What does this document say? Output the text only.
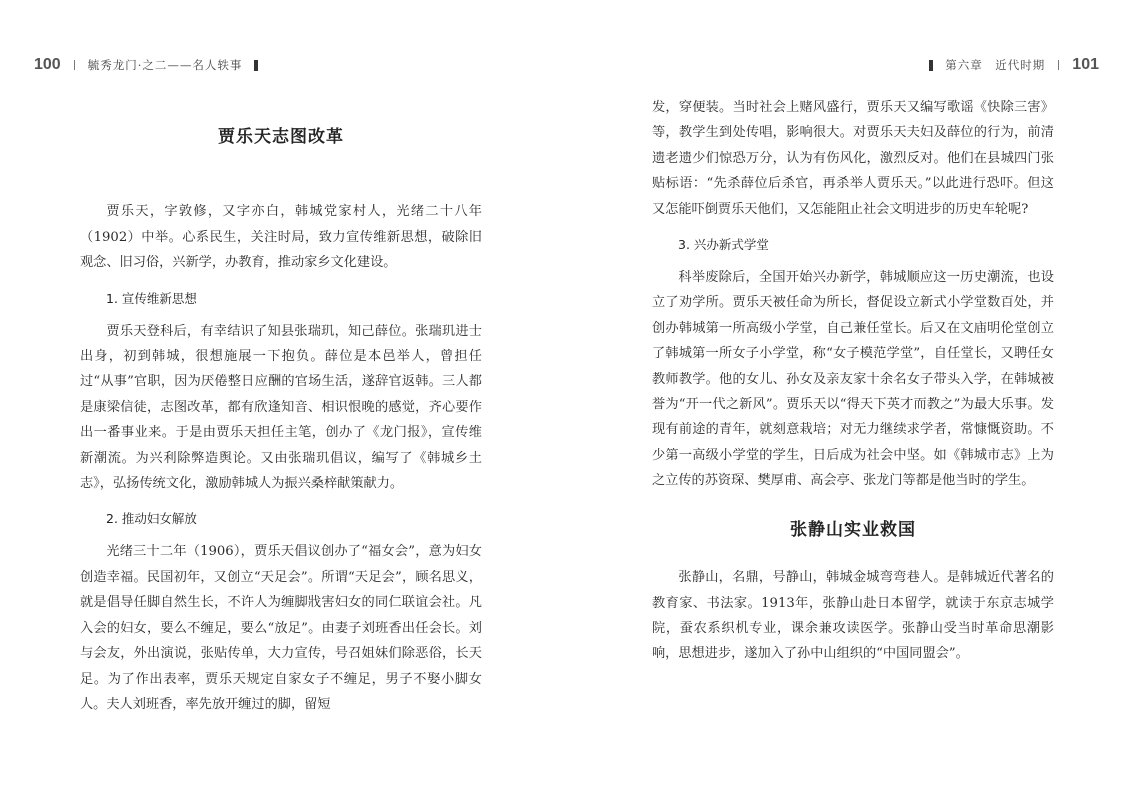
100 毓秀龙门·之二——名人轶事	第六章　近代时期 101
贾乐天志图改革

贾乐天，字敦修，又字亦白，韩城党家村人，光绪二十八年（1902）中举。心系民生，关注时局，致力宣传维新思想，破除旧观念、旧习俗，兴新学，办教育，推动家乡文化建设。

1. 宣传维新思想

贾乐天登科后，有幸结识了知县张瑞玑，知己薛位。张瑞玑进士出身，初到韩城，很想施展一下抱负。薛位是本邑举人，曾担任过“从事”官职，因为厌倦整日应酬的官场生活，遂辞官返韩。三人都是康梁信徒，志图改革，都有欣逢知音、相识恨晚的感觉，齐心要作出一番事业来。于是由贾乐天担任主笔，创办了《龙门报》，宣传维新潮流。为兴利除弊造舆论。又由张瑞玑倡议，编写了《韩城乡土志》，弘扬传统文化，激励韩城人为振兴桑梓献策献力。

2. 推动妇女解放

光绪三十二年（1906），贾乐天倡议创办了“福女会”，意为妇女创造幸福。民国初年，又创立“天足会”。所谓“天足会”，顾名思义，就是倡导任脚自然生长，不许人为缠脚戕害妇女的同仁联谊会社。凡入会的妇女，要么不缠足，要么“放足”。由妻子刘班香出任会长。刘与会友，外出演说，张贴传单，大力宣传，号召姐妹们除恶俗，长天足。为了作出表率，贾乐天规定自家女子不缠足，男子不娶小脚女人。夫人刘班香，率先放开缠过的脚，留短

发，穿便装。当时社会上赌风盛行，贾乐天又编写歌谣《快除三害》等，教学生到处传唱，影响很大。对贾乐天夫妇及薛位的行为，前清遗老遗少们惊恐万分，认为有伤风化，激烈反对。他们在县城四门张贴标语：“先杀薛位后杀官，再杀举人贾乐天。”以此进行恐吓。但这又怎能吓倒贾乐天他们，又怎能阻止社会文明进步的历史车轮呢?

3. 兴办新式学堂

科举废除后，全国开始兴办新学，韩城顺应这一历史潮流，也设立了劝学所。贾乐天被任命为所长，督促设立新式小学堂数百处，并创办韩城第一所高级小学堂，自己兼任堂长。后又在文庙明伦堂创立了韩城第一所女子小学堂，称“女子模范学堂”，自任堂长，又聘任女教师教学。他的女儿、孙女及亲友家十余名女子带头入学，在韩城被誉为“开一代之新风”。贾乐天以“得天下英才而教之”为最大乐事。发现有前途的青年，就刻意栽培；对无力继续求学者，常慷慨资助。不少第一高级小学堂的学生，日后成为社会中坚。如《韩城市志》上为之立传的苏资琛、樊厚甫、高会亭、张龙门等都是他当时的学生。

张静山实业救国

张静山，名鼎，号静山，韩城金城弯弯巷人。是韩城近代著名的教育家、书法家。1913年，张静山赴日本留学，就读于东京志城学院，蚕农系织机专业，课余兼攻读医学。张静山受当时革命思潮影响，思想进步，遂加入了孙中山组织的“中国同盟会”。
